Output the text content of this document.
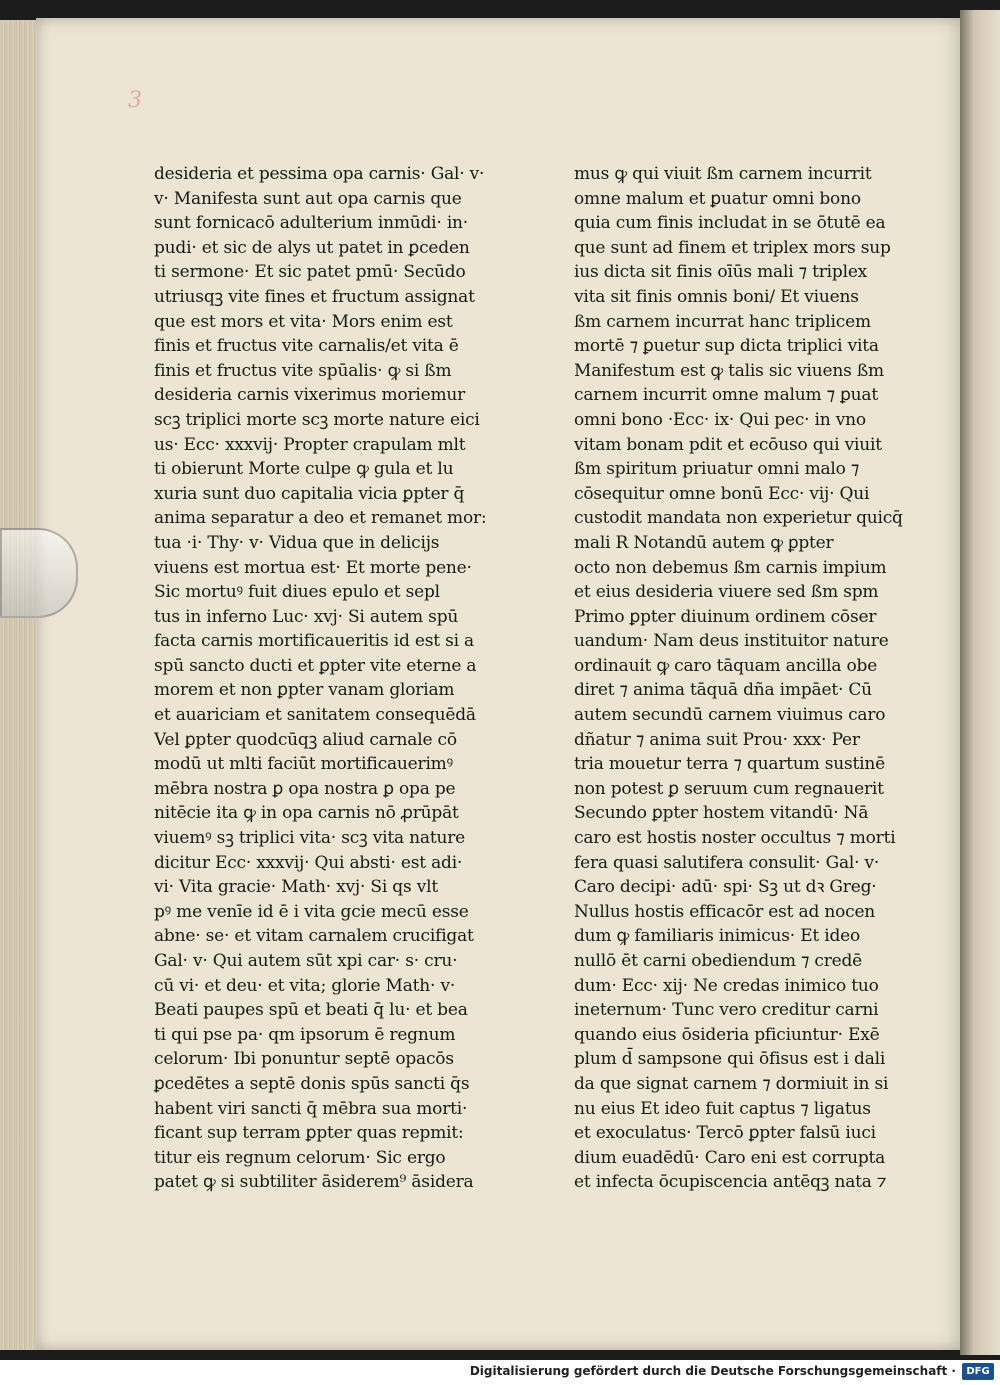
3
desideria et pessima opa carnis· Gal· v·
v· Manifesta sunt aut opa carnis que
sunt fornicacō adulterium inmūdi· in·
pudi· et sic de alys ut patet in ꝑceden
ti sermone· Et sic patet pmū· Secūdo
utriusqꝫ vite fines et fructum assignat
que est mors et vita· Mors enim est
finis et fructus vite carnalis/et vita ē
finis et fructus vite spūalis· ꝙ si ßm
desideria carnis vixerimus moriemur
scꝫ triplici morte scꝫ morte nature eici
us· Ecc· xxxvij· Propter crapulam mlt
ti obierunt Morte culpe ꝙ gula et lu
xuria sunt duo capitalia vicia ꝑpter q̄
anima separatur a deo et remanet mor:
tua ·i· Thy· v· Vidua que in delicijs
viuens est mortua est· Et morte pene·
Sic mortuꝰ fuit diues epulo et sepl
tus in inferno Luc· xvj· Si autem spū
facta carnis mortificaueritis id est si a
spū sancto ducti et ꝑpter vite eterne a
morem et non ꝑpter vanam gloriam
et auariciam et sanitatem consequēdā
Vel ꝑpter quodcūqꝫ aliud carnale cō
modū ut mlti faciūt mortificauerimꝰ
mēbra nostra ꝑ opa nostra ꝑ opa pe
nitēcie ita ꝙ in opa carnis nō ꝓrūpāt
viuemꝰ sꝫ triplici vita· scꝫ vita nature
dicitur Ecc· xxxvij· Qui absti· est adi·
vi· Vita gracie· Math· xvj· Si qs vlt
pꝰ me venīe id ē i vita gcie mecū esse
abne· se· et vitam carnalem crucifigat
Gal· v· Qui autem sūt xpi car· s· cru·
cū vi· et deu· et vita; glorie Math· v·
Beati paupes spū et beati q̄ lu· et bea
ti qui pse pa· qm ipsorum ē regnum
celorum· Ibi ponuntur septē opacōs
ꝑcedētes a septē donis spūs sancti q̄s
habent viri sancti q̄ mēbra sua morti·
ficant sup terram ꝑpter quas repmit:
titur eis regnum celorum· Sic ergo
patet ꝙ si subtiliter āsiderem⁹ āsidera
mus ꝙ qui viuit ßm carnem incurrit
omne malum et ꝑuatur omni bono
quia cum finis includat in se ōtutē ea
que sunt ad finem et triplex mors sup
ius dicta sit finis oīūs mali ⁊ triplex
vita sit finis omnis boni/ Et viuens
ßm carnem incurrat hanc triplicem
mortē ⁊ ꝑuetur sup dicta triplici vita
Manifestum est ꝙ talis sic viuens ßm
carnem incurrit omne malum ⁊ ꝑuat
omni bono ·Ecc· ix· Qui pec· in vno
vitam bonam pdit et ecōuso qui viuit
ßm spiritum priuatur omni malo ⁊
cōsequitur omne bonū Ecc· vij· Qui
custodit mandata non experietur quicq̄
mali R Notandū autem ꝙ ꝑpter
octo non debemus ßm carnis impium
et eius desideria viuere sed ßm spm
Primo ꝑpter diuinum ordinem cōser
uandum· Nam deus instituitor nature
ordinauit ꝙ caro tāquam ancilla obe
diret ⁊ anima tāquā dña impāet· Cū
autem secundū carnem viuimus caro
dñatur ⁊ anima suit Prou· xxx· Per
tria mouetur terra ⁊ quartum sustinē
non potest ꝑ seruum cum regnauerit
Secundo ꝑpter hostem vitandū· Nā
caro est hostis noster occultus ⁊ morti
fera quasi salutifera consulit· Gal· v·
Caro decipi· adū· spi· Sꝫ ut dꝛ Greg·
Nullus hostis efficacōr est ad nocen
dum ꝙ familiaris inimicus· Et ideo
nullō ēt carni obediendum ⁊ credē
dum· Ecc· xij· Ne credas inimico tuo
ineternum· Tunc vero creditur carni
quando eius ōsideria pficiuntur· Exē
plum d̄ sampsone qui ōfisus est i dali
da que signat carnem ⁊ dormiuit in si
nu eius Et ideo fuit captus ⁊ ligatus
et exoculatus· Tercō ꝑpter falsū iuci
dium euadēdū· Caro eni est corrupta
et infecta ōcupiscencia antēqꝫ nata ⁊
Digitalisierung gefördert durch die Deutsche Forschungsgemeinschaft ·	DFG
